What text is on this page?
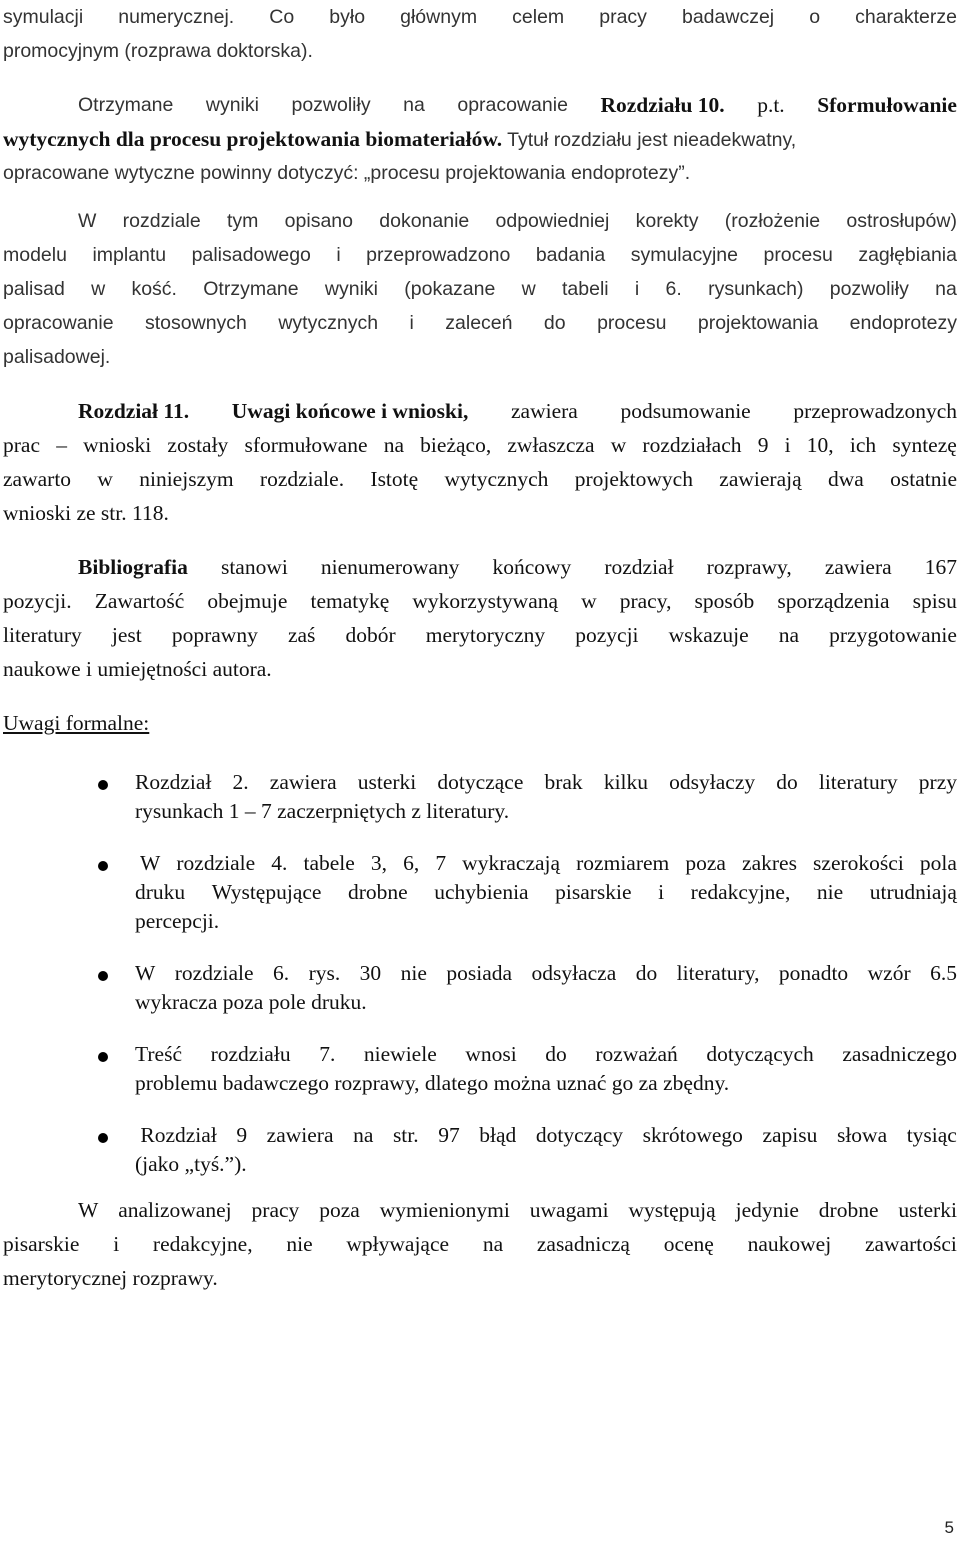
symulacji numerycznej. Co było głównym celem pracy badawczej o charakterze
promocyjnym (rozprawa doktorska).
Otrzymane wyniki pozwoliły na opracowanie Rozdziału 10. p.t. Sformułowanie
wytycznych dla procesu projektowania biomateriałów. Tytuł rozdziału jest nieadekwatny,
opracowane wytyczne powinny dotyczyć: „procesu projektowania endoprotezy”.
W rozdziale tym opisano dokonanie odpowiedniej korekty (rozłożenie ostrosłupów)
modelu implantu palisadowego i przeprowadzono badania symulacyjne procesu zagłębiania
palisad w kość. Otrzymane wyniki (pokazane w tabeli i 6. rysunkach) pozwoliły na
opracowanie stosownych wytycznych i zaleceń do procesu projektowania endoprotezy
palisadowej.
Rozdział 11. Uwagi końcowe i wnioski, zawiera podsumowanie przeprowadzonych
prac – wnioski zostały sformułowane na bieżąco, zwłaszcza w rozdziałach 9 i 10, ich syntezę
zawarto w niniejszym rozdziale. Istotę wytycznych projektowych zawierają dwa ostatnie
wnioski ze str. 118.
Bibliografia stanowi nienumerowany końcowy rozdział rozprawy, zawiera 167
pozycji. Zawartość obejmuje tematykę wykorzystywaną w pracy, sposób sporządzenia spisu
literatury jest poprawny zaś dobór merytoryczny pozycji wskazuje na przygotowanie
naukowe i umiejętności autora.
Uwagi formalne:
Rozdział 2. zawiera usterki dotyczące brak kilku odsyłaczy do literatury przy
rysunkach 1 – 7 zaczerpniętych z literatury.
W rozdziale 4. tabele 3, 6, 7 wykraczają rozmiarem poza zakres szerokości pola
druku Występujące drobne uchybienia pisarskie i redakcyjne, nie utrudniają
percepcji.
W rozdziale 6. rys. 30 nie posiada odsyłacza do literatury, ponadto wzór 6.5
wykracza poza pole druku.
Treść rozdziału 7. niewiele wnosi do rozważań dotyczących zasadniczego
problemu badawczego rozprawy, dlatego można uznać go za zbędny.
Rozdział 9 zawiera na str. 97 błąd dotyczący skrótowego zapisu słowa tysiąc
(jako „tyś.”).
W analizowanej pracy poza wymienionymi uwagami występują jedynie drobne usterki
pisarskie i redakcyjne, nie wpływające na zasadniczą ocenę naukowej zawartości
merytorycznej rozprawy.
5
